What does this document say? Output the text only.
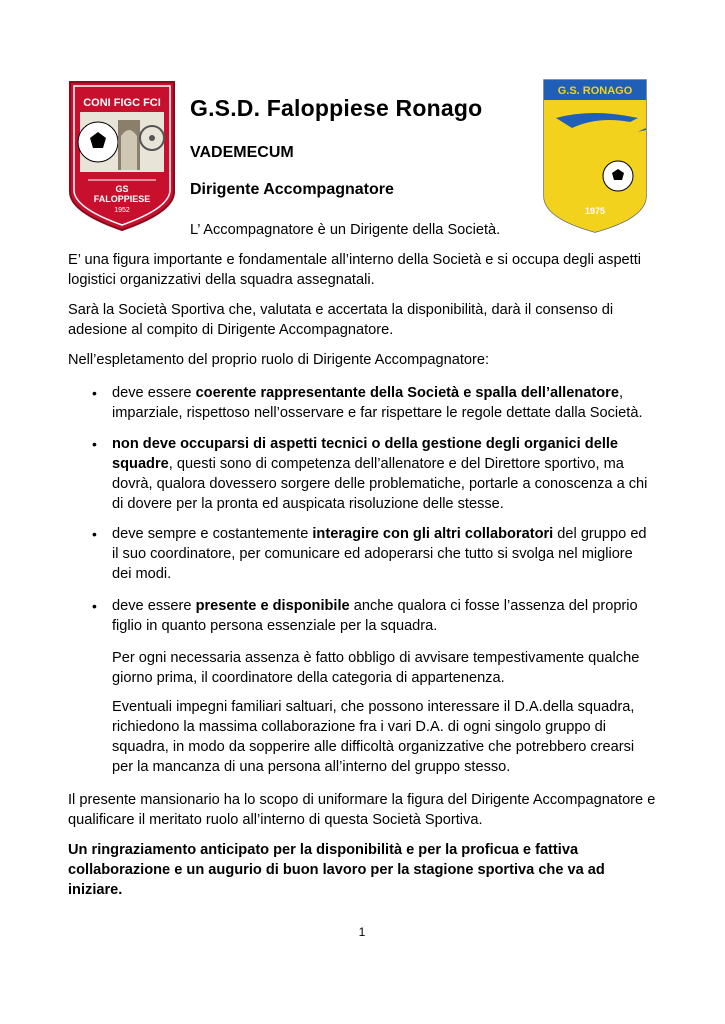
CONI FIGC FCI
GS
FALOPPIESE
1952
G.S. RONAGO
1975
G.S.D. Faloppiese Ronago
VADEMECUM
Dirigente Accompagnatore

L’ Accompagnatore è un Dirigente della Società.

E’ una figura importante e fondamentale all’interno della Società e si occupa degli aspetti logistici organizzativi della squadra assegnatali.

Sarà la Società Sportiva che, valutata e accertata la disponibilità, darà il consenso di adesione al compito di Dirigente Accompagnatore.

Nell’espletamento del proprio ruolo di Dirigente Accompagnatore:

•	deve essere coerente rappresentante della Società e spalla dell’allenatore, imparziale, rispettoso nell’osservare e far rispettare le regole dettate dalla Società.

•	non deve occuparsi di aspetti tecnici o della gestione degli organici delle squadre, questi sono di competenza dell’allenatore e del Direttore sportivo, ma dovrà, qualora dovessero sorgere delle problematiche, portarle a conoscenza a chi di dovere per la pronta ed auspicata risoluzione delle stesse.

•	deve sempre e costantemente interagire con gli altri collaboratori del gruppo ed il suo coordinatore, per comunicare ed adoperarsi che tutto si svolga nel migliore dei modi.

•	deve essere presente e disponibile anche qualora ci fosse l’assenza del proprio figlio in quanto persona essenziale per la squadra.

Per ogni necessaria assenza è fatto obbligo di avvisare tempestivamente qualche giorno prima, il coordinatore della categoria di appartenenza.

Eventuali impegni familiari saltuari, che possono interessare il D.A.della squadra, richiedono la massima collaborazione fra i vari D.A. di ogni singolo gruppo di squadra, in modo da sopperire alle difficoltà organizzative che potrebbero crearsi per la mancanza di una persona all’interno del gruppo stesso.

Il presente mansionario ha lo scopo di uniformare la figura del Dirigente Accompagnatore e qualificare il meritato ruolo all’interno di questa Società Sportiva.

Un ringraziamento anticipato per la disponibilità e per la proficua e fattiva collaborazione e un augurio di buon lavoro per la stagione sportiva che va ad iniziare.

1
